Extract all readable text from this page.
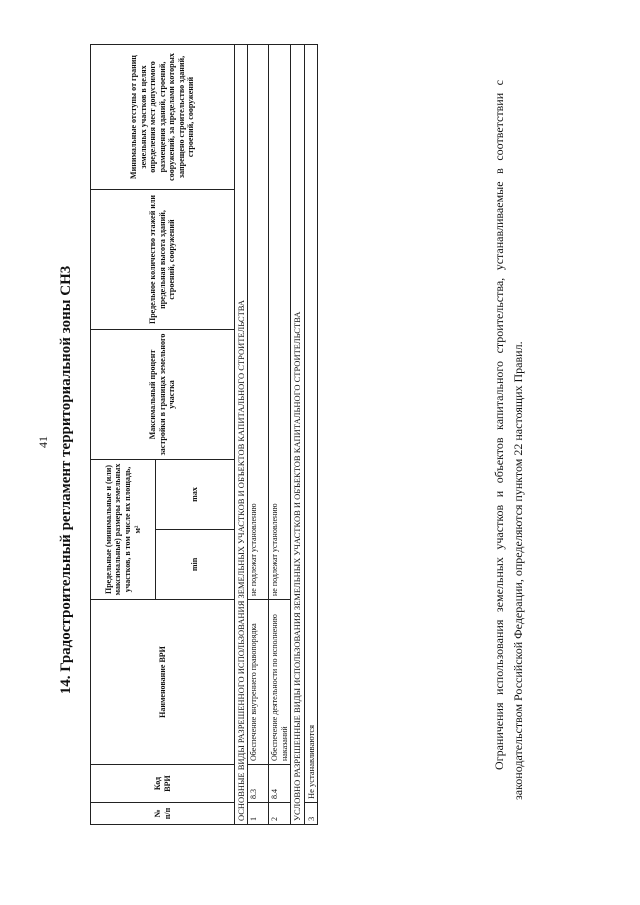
41 14. Градостроительный регламент территориальной зоны СН3
№ п/п	Код ВРИ	Наименование ВРИ	Предельные (минимальные и (или) максимальные) размеры земельных участков, в том числе их площадь, м²		Максимальный процент застройки в границах земельного участка	Предельное количество этажей или предельная высота зданий, строений, сооружений	Минимальные отступы от границ земельных участков в целях определения мест допустимого размещения зданий, строений, сооружений, за пределами которых запрещено строительство зданий, строений, сооружений
			min	max			
ОСНОВНЫЕ ВИДЫ РАЗРЕШЕННОГО ИСПОЛЬЗОВАНИЯ ЗЕМЕЛЬНЫХ УЧАСТКОВ И ОБЪЕКТОВ КАПИТАЛЬНОГО СТРОИТЕЛЬСТВА							
1	8.3	Обеспечение внутреннего правопорядка	не подлежат установлению				
2	8.4	Обеспечение деятельности по исполнению наказаний	не подлежат установлению				
УСЛОВНО РАЗРЕШЕННЫЕ ВИДЫ ИСПОЛЬЗОВАНИЯ ЗЕМЕЛЬНЫХ УЧАСТКОВ И ОБЪЕКТОВ КАПИТАЛЬНОГО СТРОИТЕЛЬСТВА							
3	Не устанавливаются							Ограничения использования земельных участков и объектов капитального строительства, устанавливаемые в соответствии с законодательством Российской Федерации, определяются пунктом 22 настоящих Правил.
